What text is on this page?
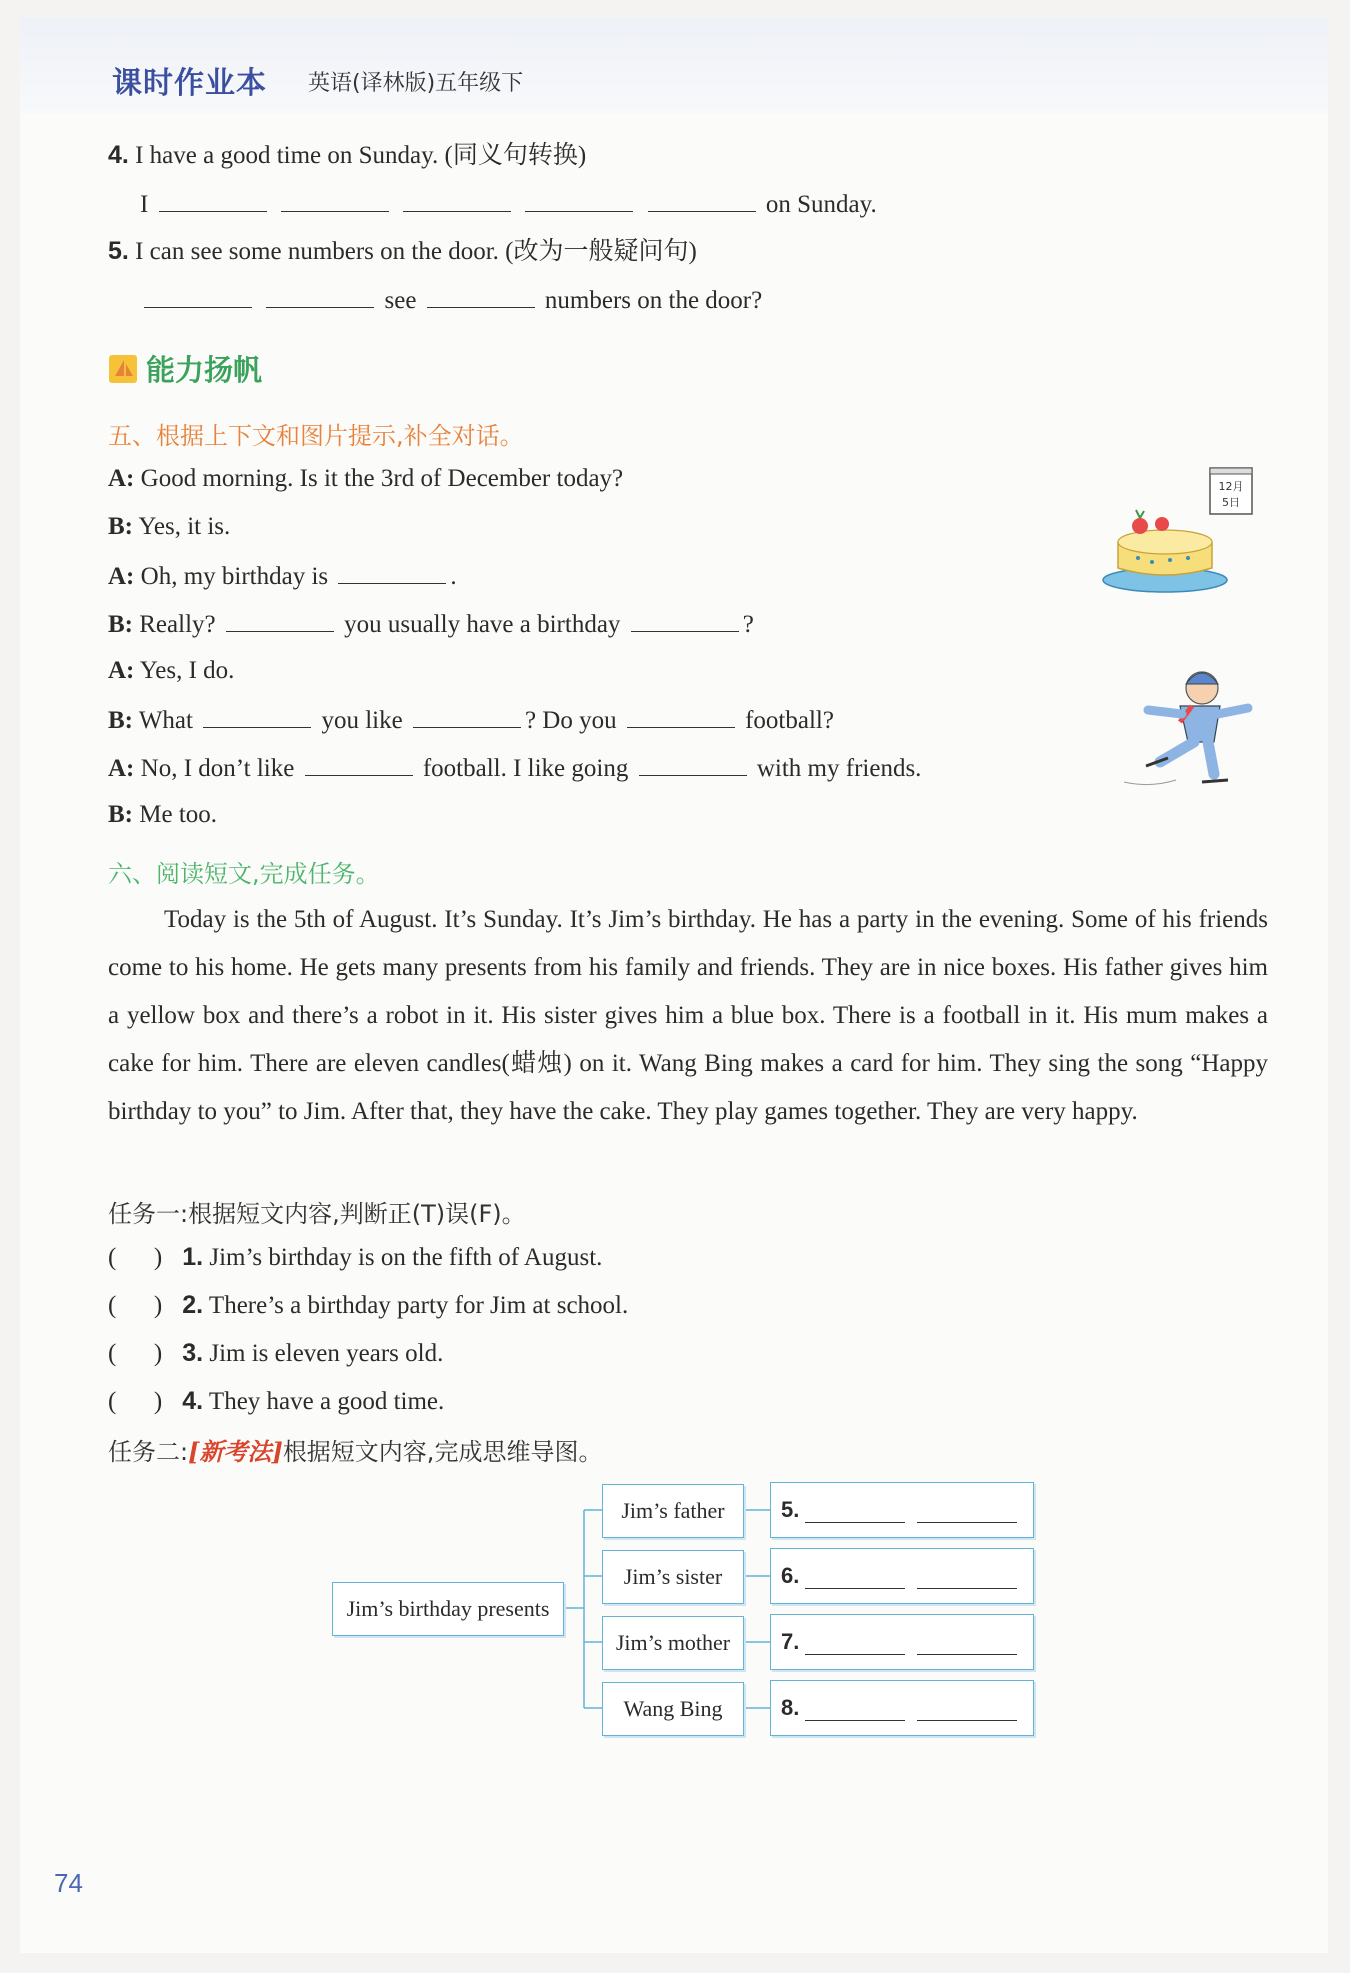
课时作业本 英语(译林版)五年级下
4. I have a good time on Sunday. (同义句转换)
I	on Sunday.
5. I can see some numbers on the door. (改为一般疑问句)
see	numbers on the door?
能力扬帆
五、根据上下文和图片提示,补全对话。
A: Good morning. Is it the 3rd of December today?
B: Yes, it is.
A: Oh, my birthday is	.
B: Really?	you usually have a birthday	?
A: Yes, I do.
B: What	you like	? Do you	football?
A: No, I don’t like	football. I like going	with my friends.
B: Me too.
12月
5日
六、阅读短文,完成任务。
Today is the 5th of August. It’s Sunday. It’s Jim’s birthday. He has a party in the evening. Some of his friends come to his home. He gets many presents from his family and friends. They are in nice boxes. His father gives him a yellow box and there’s a robot in it. His sister gives him a blue box. There is a football in it. His mum makes a cake for him. There are eleven candles(蜡烛) on it. Wang Bing makes a card for him. They sing the song “Happy birthday to you” to Jim. After that, they have the cake. They play games together. They are very happy.
任务一:根据短文内容,判断正(T)误(F)。
(      ) 1. Jim’s birthday is on the fifth of August.
(      ) 2. There’s a birthday party for Jim at school.
(      ) 3. Jim is eleven years old.
(      ) 4. They have a good time.
任务二:[新考法]根据短文内容,完成思维导图。
Jim’s birthday presents
Jim’s father
Jim’s sister
Jim’s mother
Wang Bing
5.
6.
7.
8.
74
